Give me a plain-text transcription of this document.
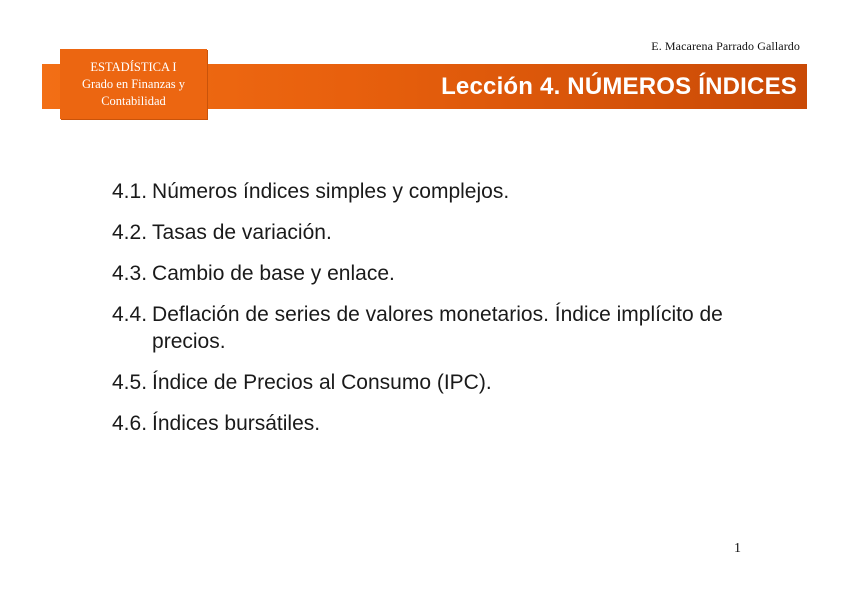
E. Macarena Parrado Gallardo
Lección 4. NÚMEROS ÍNDICES
ESTADÍSTICA I
Grado en Finanzas y
Contabilidad
4.1. Números índices simples y complejos.
4.2. Tasas de variación.
4.3. Cambio de base y enlace.
4.4. Deflación de series de valores monetarios. Índice implícito de precios.
4.5. Índice de Precios al Consumo (IPC).
4.6. Índices bursátiles.
1
